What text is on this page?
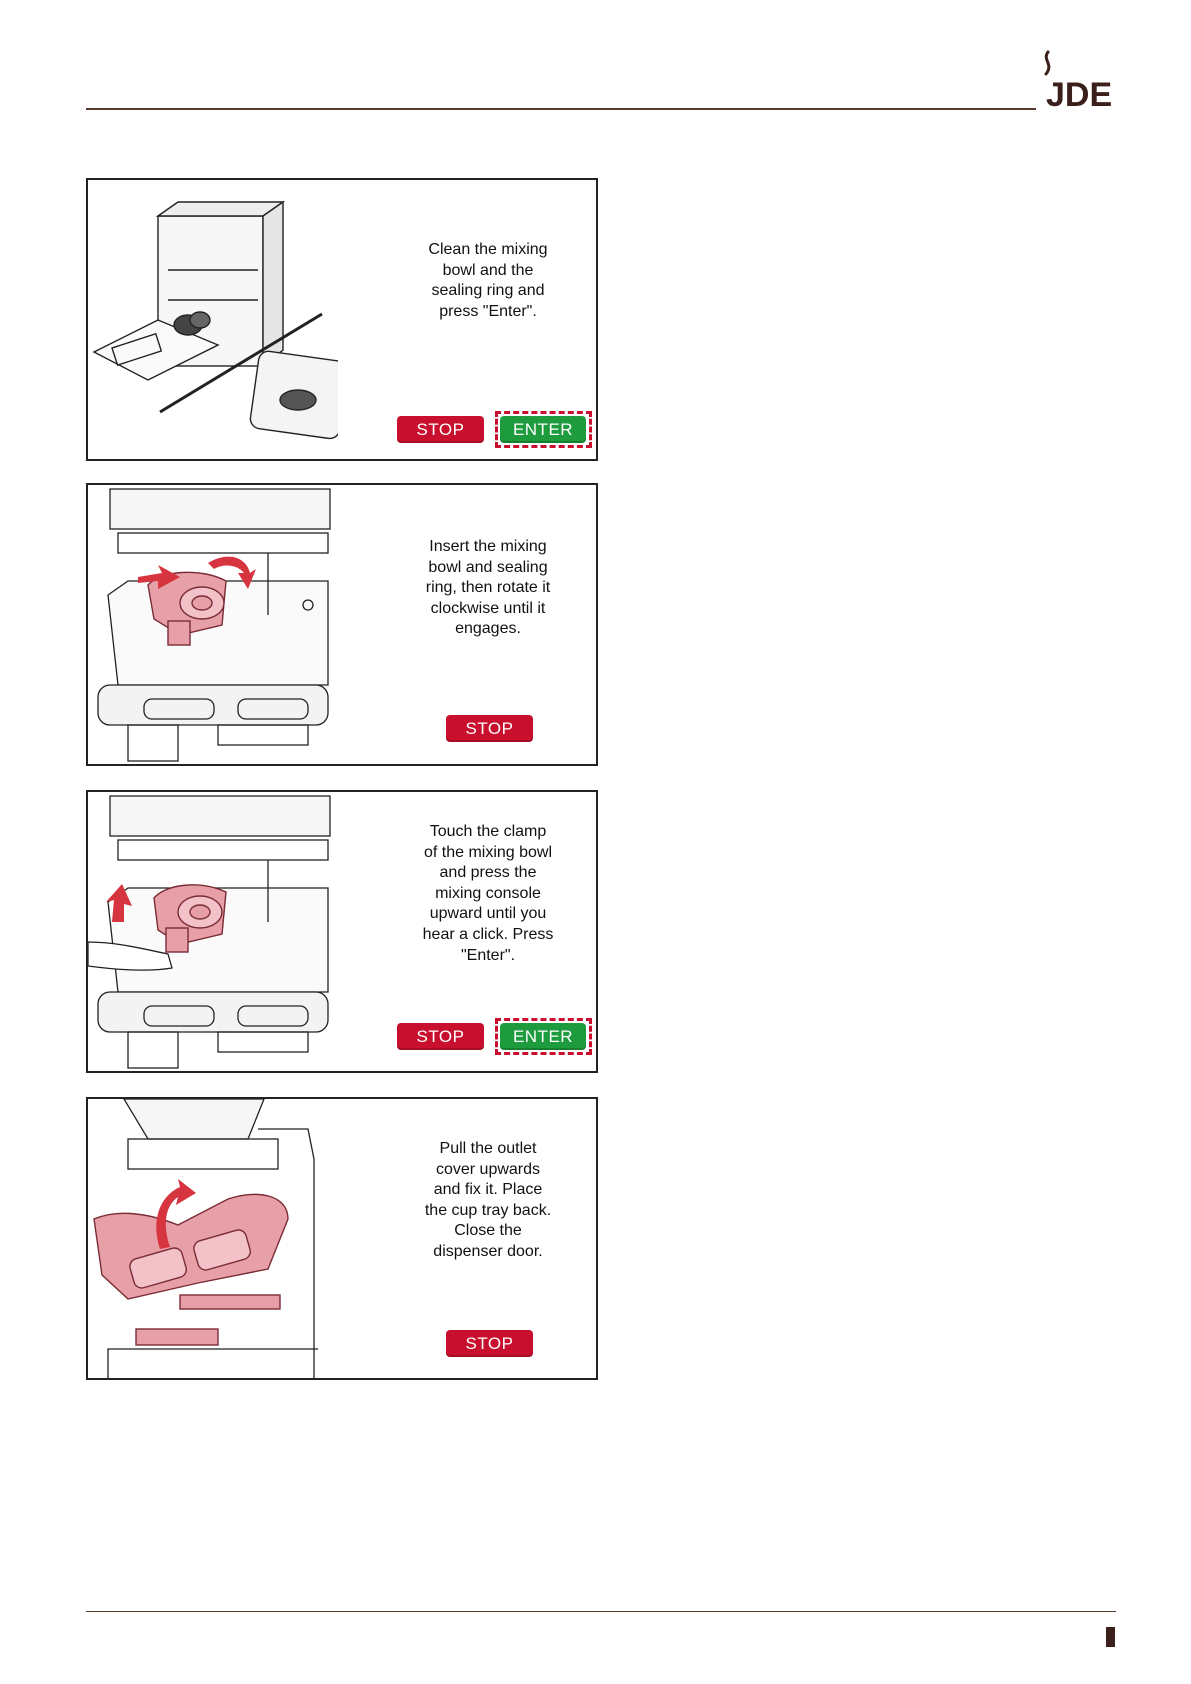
JDE
Clean the mixing
bowl and the
sealing ring and
press "Enter".
STOP	ENTER
Insert the mixing
bowl and sealing
ring, then rotate it
clockwise until it
engages.
STOP
Touch the clamp
of the mixing bowl
and press the
mixing console
upward until you
hear a click. Press
"Enter".
STOP	ENTER
Pull the outlet
cover upwards
and fix it. Place
the cup tray back.
Close the
dispenser door.
STOP
